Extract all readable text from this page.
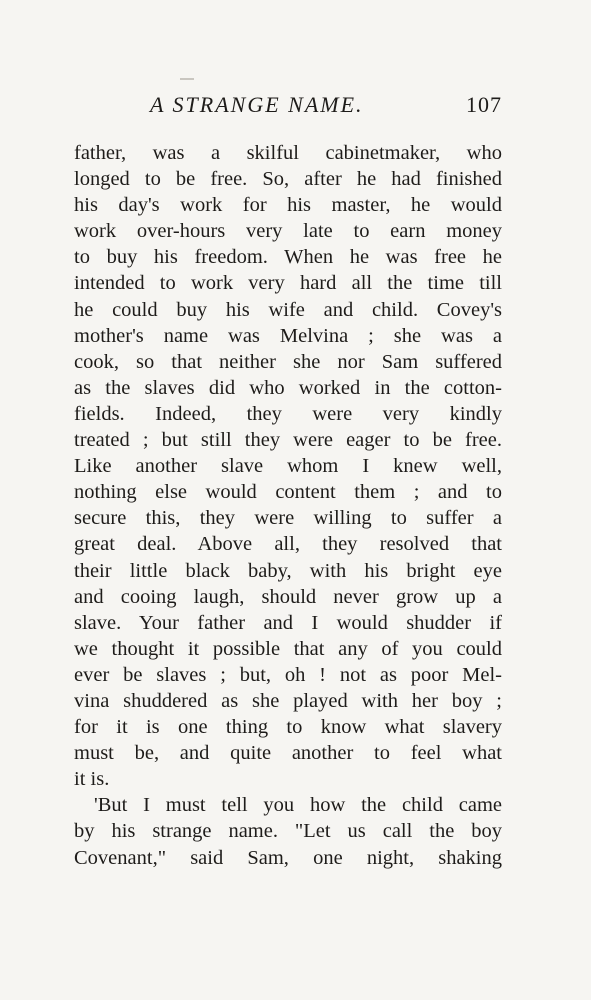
A STRANGE NAME.	107
father, was a skilful cabinetmaker, who
longed to be free. So, after he had finished
his day's work for his master, he would
work over-hours very late to earn money
to buy his freedom. When he was free he
intended to work very hard all the time till
he could buy his wife and child. Covey's
mother's name was Melvina ; she was a
cook, so that neither she nor Sam suffered
as the slaves did who worked in the cotton-
fields. Indeed, they were very kindly
treated ; but still they were eager to be free.
Like another slave whom I knew well,
nothing else would content them ; and to
secure this, they were willing to suffer a
great deal. Above all, they resolved that
their little black baby, with his bright eye
and cooing laugh, should never grow up a
slave. Your father and I would shudder if
we thought it possible that any of you could
ever be slaves ; but, oh ! not as poor Mel-
vina shuddered as she played with her boy ;
for it is one thing to know what slavery
must be, and quite another to feel what
it is.
'But I must tell you how the child came
by his strange name. "Let us call the boy
Covenant," said Sam, one night, shaking
